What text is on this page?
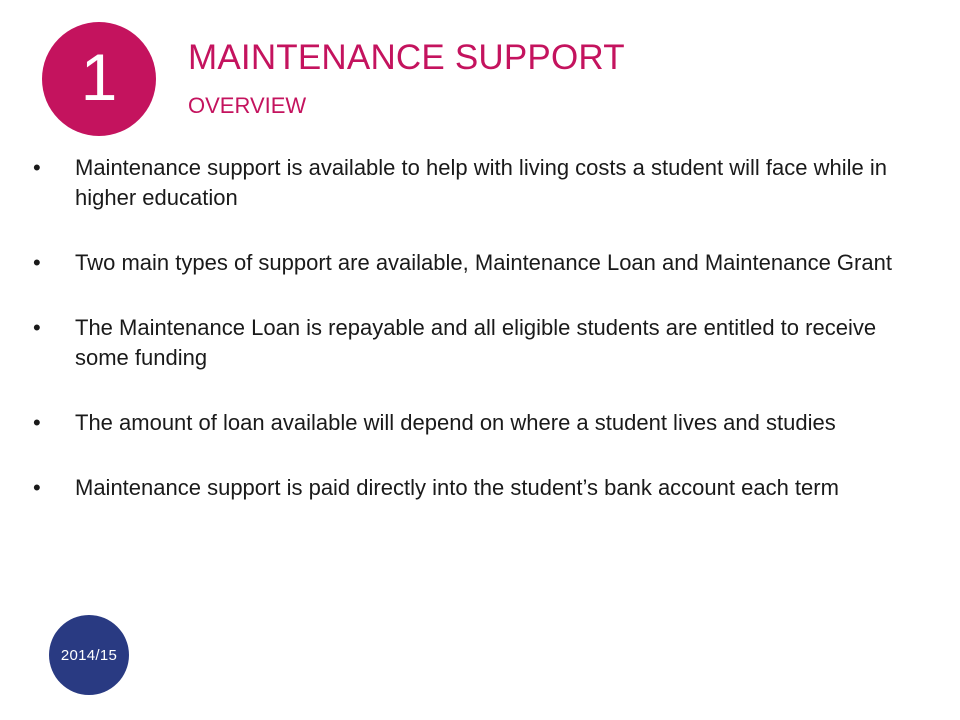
1 MAINTENANCE SUPPORT
OVERVIEW
• Maintenance support is available to help with living costs a student will face while in higher education
• Two main types of support are available, Maintenance Loan and Maintenance Grant
• The Maintenance Loan is repayable and all eligible students are entitled to receive some funding
• The amount of loan available will depend on where a student lives and studies
• Maintenance support is paid directly into the student’s bank account each term
2014/15
